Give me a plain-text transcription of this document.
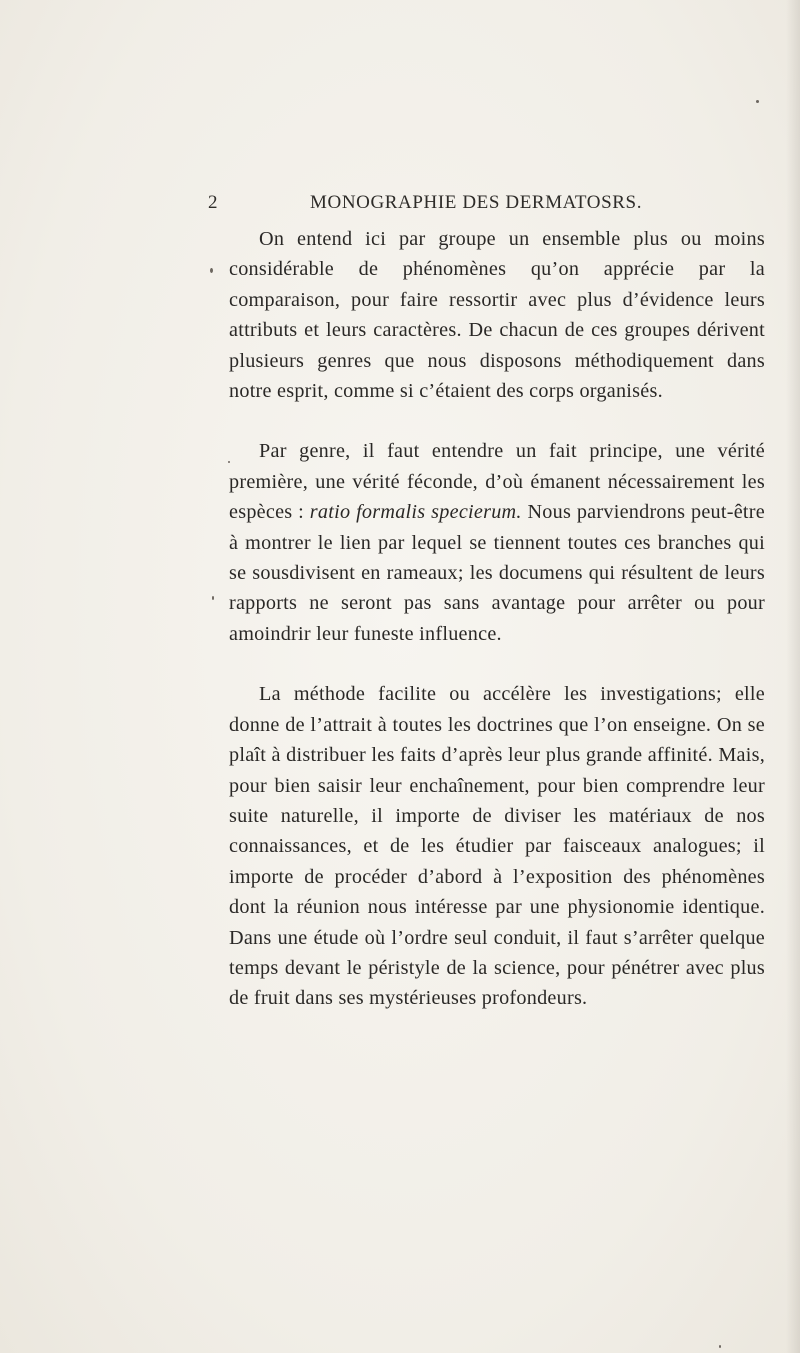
2	MONOGRAPHIE DES DERMATOSRS.

On entend ici par groupe un ensemble plus ou moins considérable de phénomènes qu’on apprécie par la comparaison, pour faire ressortir avec plus d’évidence leurs attributs et leurs caractères. De chacun de ces groupes dérivent plusieurs genres que nous disposons méthodiquement dans notre esprit, comme si c’étaient des corps organisés.

Par genre, il faut entendre un fait principe, une vérité première, une vérité féconde, d’où émanent nécessairement les espèces : ratio formalis specierum. Nous parviendrons peut-être à montrer le lien par lequel se tiennent toutes ces branches qui se sousdivisent en rameaux; les documens qui résultent de leurs rapports ne seront pas sans avantage pour arrêter ou pour amoindrir leur funeste influence.

La méthode facilite ou accélère les investigations; elle donne de l’attrait à toutes les doctrines que l’on enseigne. On se plaît à distribuer les faits d’après leur plus grande affinité. Mais, pour bien saisir leur enchaînement, pour bien comprendre leur suite naturelle, il importe de diviser les matériaux de nos connaissances, et de les étudier par faisceaux analogues; il importe de procéder d’abord à l’exposition des phénomènes dont la réunion nous intéresse par une physionomie identique. Dans une étude où l’ordre seul conduit, il faut s’arrêter quelque temps devant le péristyle de la science, pour pénétrer avec plus de fruit dans ses mystérieuses profondeurs.
